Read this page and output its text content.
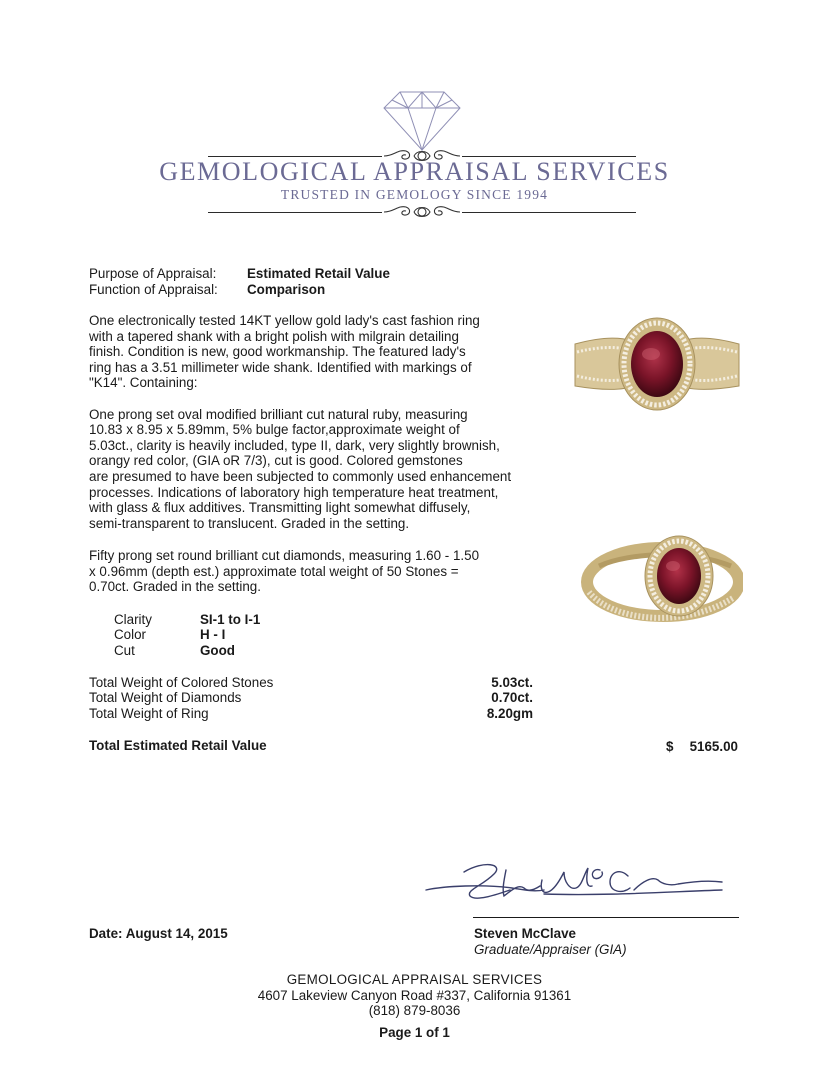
GEMOLOGICAL APPRAISAL SERVICES
TRUSTED IN GEMOLOGY SINCE 1994
Purpose of Appraisal: Estimated Retail Value
Function of Appraisal: Comparison
One electronically tested 14KT yellow gold lady's cast fashion ring
with a tapered shank with a bright polish with milgrain detailing
finish. Condition is new, good workmanship. The featured lady's
ring has a 3.51 millimeter wide shank. Identified with markings of
"K14". Containing:
One prong set oval modified brilliant cut natural ruby, measuring
10.83 x 8.95 x 5.89mm, 5% bulge factor,approximate weight of
5.03ct., clarity is heavily included, type II, dark, very slightly brownish,
orangy red color, (GIA oR 7/3), cut is good. Colored gemstones
are presumed to have been subjected to commonly used enhancement
processes. Indications of laboratory high temperature heat treatment,
with glass & flux additives. Transmitting light somewhat diffusely,
semi-transparent to translucent. Graded in the setting.
Fifty prong set round brilliant cut diamonds, measuring 1.60 - 1.50
x 0.96mm (depth est.) approximate total weight of 50 Stones =
0.70ct. Graded in the setting.
Clarity	SI-1 to I-1
Color	H - I
Cut	Good
Total Weight of Colored Stones	5.03ct.
Total Weight of Diamonds	0.70ct.
Total Weight of Ring	8.20gm
Total Estimated Retail Value	$	5165.00
Date: August 14, 2015	Steven McClave
Graduate/Appraiser (GIA)
GEMOLOGICAL APPRAISAL SERVICES
4607 Lakeview Canyon Road #337, California 91361
(818) 879-8036
Page 1 of 1
